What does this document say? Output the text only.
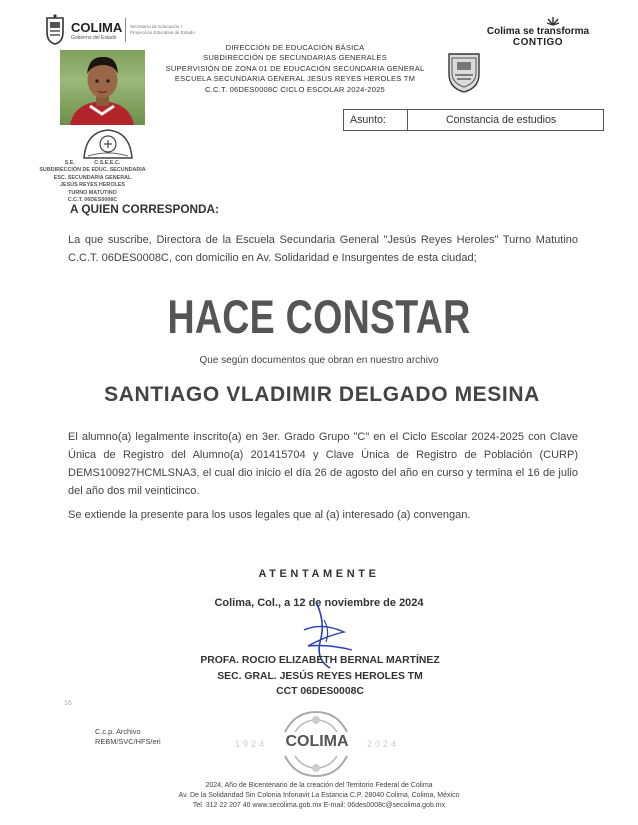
COLIMA
Gobierno del Estado
Secretaría de Educación / Proyección Educativa de Estado	Colima se transforma
CONTIGO
DIRECCIÓN DE EDUCACIÓN BÁSICA
SUBDIRECCIÓN DE SECUNDARIAS GENERALES
SUPERVISIÓN DE ZONA 01 DE EDUCACIÓN SECUNDARIA GENERAL
ESCUELA SECUNDARIA GENERAL JESÚS REYES HEROLES TM
C.C.T. 06DES0008C CICLO ESCOLAR 2024-2025
Asunto:	Constancia de estudios
S.E.             C.S.E.E.C.
SUBDIRECCIÓN DE EDUC. SECUNDARIA
ESC. SECUNDARIA GENERAL
JESÚS REYES HEROLES
TURNO MATUTINO
C.C.T. 06DES0008C
A QUIEN CORRESPONDA:
La que suscribe, Directora de la Escuela Secundaria General "Jesús Reyes Heroles" Turno Matutino C.C.T. 06DES0008C, con domicilio en Av. Solidaridad e Insurgentes de esta ciudad;
HACE CONSTAR
Que según documentos que obran en nuestro archivo
SANTIAGO VLADIMIR DELGADO MESINA
El alumno(a) legalmente inscrito(a) en 3er. Grado Grupo "C" en el Ciclo Escolar 2024-2025 con Clave Única de Registro del Alumno(a) 201415704 y Clave Única de Registro de Población (CURP) DEMS100927HCMLSNA3, el cual dio inicio el día 26 de agosto del año en curso y termina el 16 de julio del año dos mil veinticinco.
Se extiende la presente para los usos legales que al (a) interesado (a) convengan.
ATENTAMENTE
Colima, Col., a 12 de noviembre de 2024
PROFA. ROCIO ELIZABETH BERNAL MARTÍNEZ
SEC. GRAL. JESÚS REYES HEROLES TM
CCT 06DES0008C
16
C.c.p. Archivo
REBM/SVC/HFS/eri	1924	COLIMA	2024
2024, Año de Bicentenario de la creación del Territorio Federal de Colima
Av. De la Solidaridad Sin Colonia Infonavit La Estancia C.P. 28040 Colima, Colima, México
Tel. 312 22 207 40 www.secolima.gob.mx E-mail: 06des0008c@secolima.gob.mx
